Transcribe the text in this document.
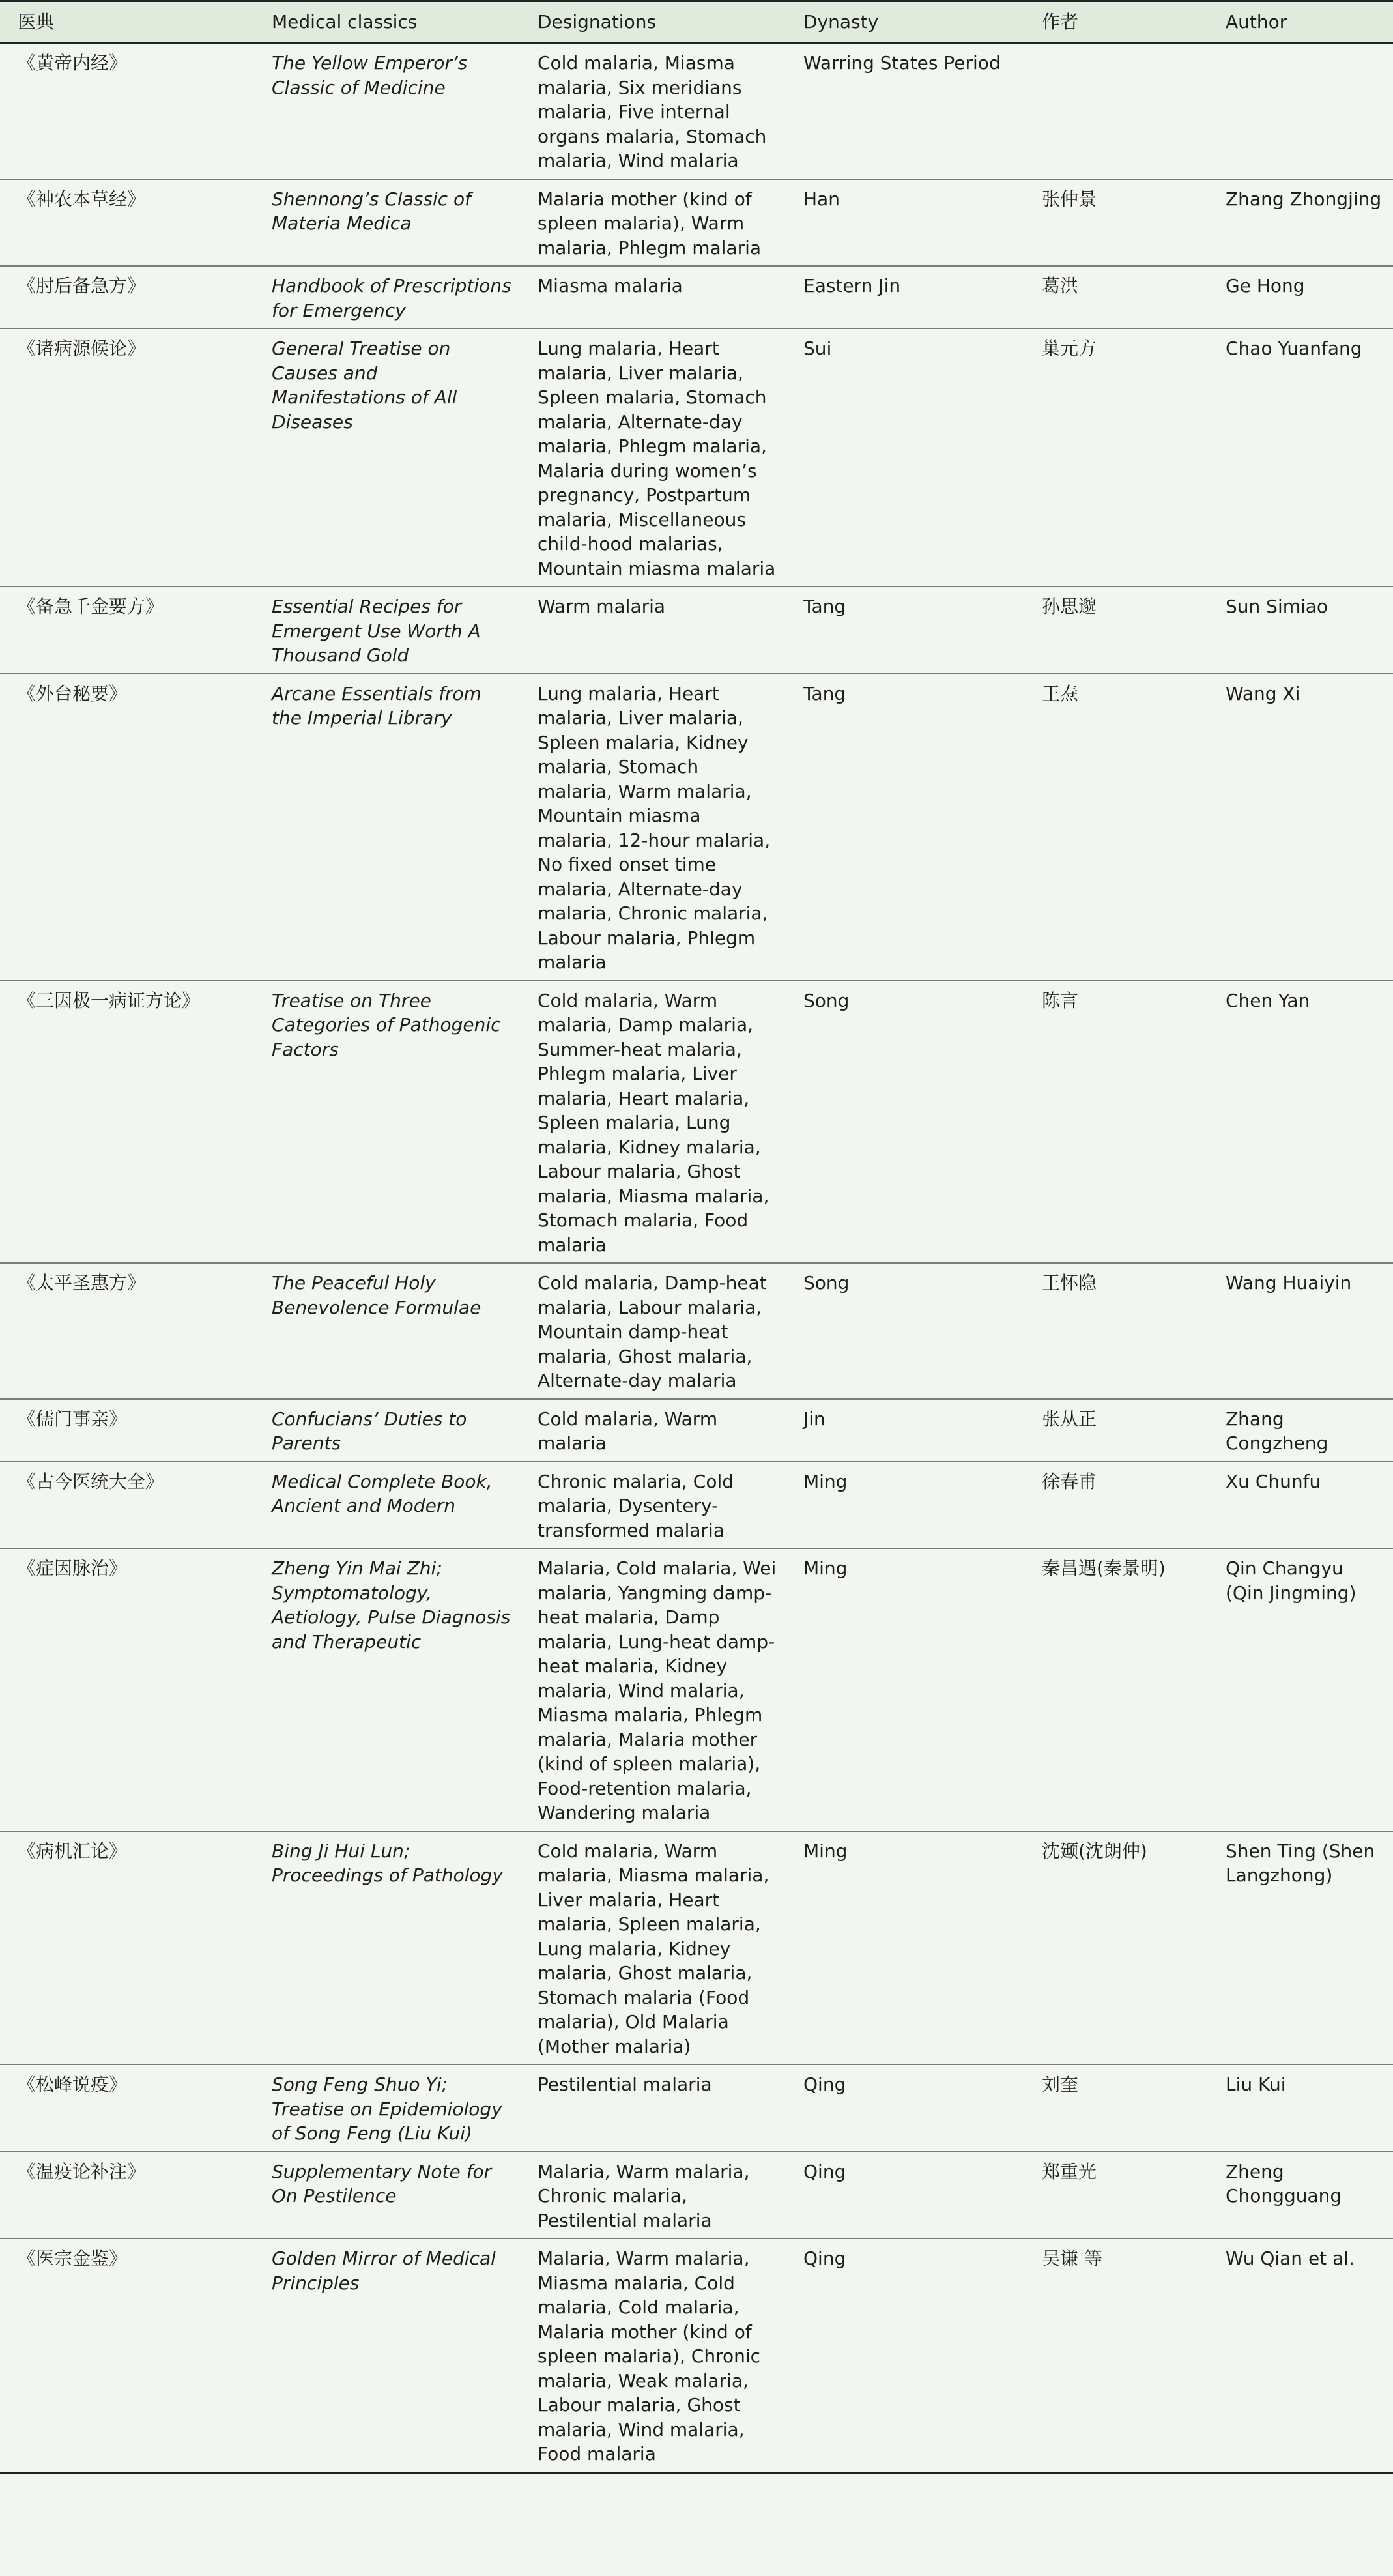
医典	Medical classics	Designations	Dynasty	作者	Author
《黄帝内经》	The Yellow Emperor’s Classic of Medicine	Cold malaria, Miasma malaria, Six meridians malaria, Five internal organs malaria, Stomach malaria, Wind malaria	Warring States Period		
《神农本草经》	Shennong’s Classic of Materia Medica	Malaria mother (kind of spleen malaria), Warm malaria, Phlegm malaria	Han	张仲景	Zhang Zhongjing
《肘后备急方》	Handbook of Prescriptions for Emergency	Miasma malaria	Eastern Jin	葛洪	Ge Hong
《诸病源候论》	General Treatise on Causes and Manifestations of All Diseases	Lung malaria, Heart malaria, Liver malaria, Spleen malaria, Stomach malaria, Alternate-day malaria, Phlegm malaria, Malaria during women’s pregnancy, Postpartum malaria, Miscellaneous child-hood malarias, Mountain miasma malaria	Sui	巢元方	Chao Yuanfang
《备急千金要方》	Essential Recipes for Emergent Use Worth A Thousand Gold	Warm malaria	Tang	孙思邈	Sun Simiao
《外台秘要》	Arcane Essentials from the Imperial Library	Lung malaria, Heart malaria, Liver malaria, Spleen malaria, Kidney malaria, Stomach malaria, Warm malaria, Mountain miasma malaria, 12-hour malaria, No fixed onset time malaria, Alternate-day malaria, Chronic malaria, Labour malaria, Phlegm malaria	Tang	王焘	Wang Xi
《三因极一病证方论》	Treatise on Three Categories of Pathogenic Factors	Cold malaria, Warm malaria, Damp malaria, Summer-heat malaria, Phlegm malaria, Liver malaria, Heart malaria, Spleen malaria, Lung malaria, Kidney malaria, Labour malaria, Ghost malaria, Miasma malaria, Stomach malaria, Food malaria	Song	陈言	Chen Yan
《太平圣惠方》	The Peaceful Holy Benevolence Formulae	Cold malaria, Damp-heat malaria, Labour malaria, Mountain damp-heat malaria, Ghost malaria, Alternate-day malaria	Song	王怀隐	Wang Huaiyin
《儒门事亲》	Confucians’ Duties to Parents	Cold malaria, Warm malaria	Jin	张从正	Zhang Congzheng
《古今医统大全》	Medical Complete Book, Ancient and Modern	Chronic malaria, Cold malaria, Dysentery-transformed malaria	Ming	徐春甫	Xu Chunfu
《症因脉治》	Zheng Yin Mai Zhi; Symptomatology, Aetiology, Pulse Diagnosis and Therapeutic	Malaria, Cold malaria, Wei malaria, Yangming damp-heat malaria, Damp malaria, Lung-heat damp-heat malaria, Kidney malaria, Wind malaria, Miasma malaria, Phlegm malaria, Malaria mother (kind of spleen malaria), Food-retention malaria, Wandering malaria	Ming	秦昌遇(秦景明)	Qin Changyu (Qin Jingming)
《病机汇论》	Bing Ji Hui Lun; Proceedings of Pathology	Cold malaria, Warm malaria, Miasma malaria, Liver malaria, Heart malaria, Spleen malaria, Lung malaria, Kidney malaria, Ghost malaria, Stomach malaria (Food malaria), Old Malaria (Mother malaria)	Ming	沈颋(沈朗仲)	Shen Ting (Shen Langzhong)
《松峰说疫》	Song Feng Shuo Yi; Treatise on Epidemiology of Song Feng (Liu Kui)	Pestilential malaria	Qing	刘奎	Liu Kui
《温疫论补注》	Supplementary Note for On Pestilence	Malaria, Warm malaria, Chronic malaria, Pestilential malaria	Qing	郑重光	Zheng Chongguang
《医宗金鉴》	Golden Mirror of Medical Principles	Malaria, Warm malaria, Miasma malaria, Cold malaria, Cold malaria, Malaria mother (kind of spleen malaria), Chronic malaria, Weak malaria, Labour malaria, Ghost malaria, Wind malaria, Food malaria	Qing	吴谦 等	Wu Qian et al.
